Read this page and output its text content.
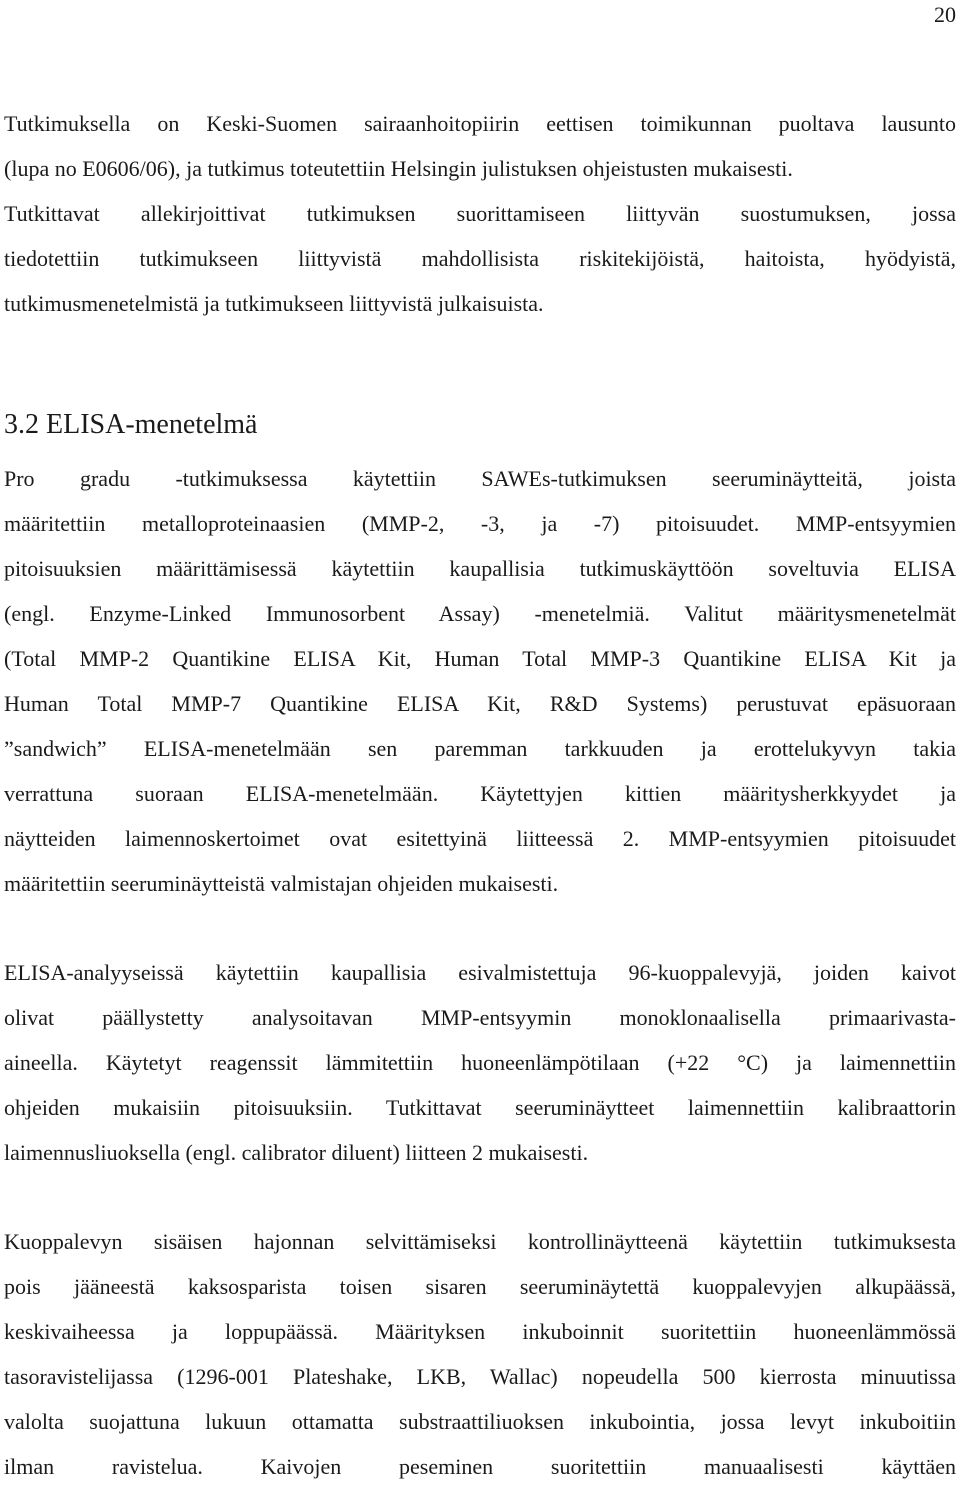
20
Tutkimuksella on Keski-Suomen sairaanhoitopiirin eettisen toimikunnan puoltava lausunto
(lupa no E0606/06), ja tutkimus toteutettiin Helsingin julistuksen ohjeistusten mukaisesti.
Tutkittavat allekirjoittivat tutkimuksen suorittamiseen liittyvän suostumuksen, jossa
tiedotettiin tutkimukseen liittyvistä mahdollisista riskitekijöistä, haitoista, hyödyistä,
tutkimusmenetelmistä ja tutkimukseen liittyvistä julkaisuista.
3.2 ELISA-menetelmä
Pro gradu -tutkimuksessa käytettiin SAWEs-tutkimuksen seeruminäytteitä, joista
määritettiin metalloproteinaasien (MMP-2, -3, ja -7) pitoisuudet. MMP-entsyymien
pitoisuuksien määrittämisessä käytettiin kaupallisia tutkimuskäyttöön soveltuvia ELISA
(engl. Enzyme-Linked Immunosorbent Assay) -menetelmiä. Valitut määritysmenetelmät
(Total MMP-2 Quantikine ELISA Kit, Human Total MMP-3 Quantikine ELISA Kit ja
Human Total MMP-7 Quantikine ELISA Kit, R&D Systems) perustuvat epäsuoraan
”sandwich” ELISA-menetelmään sen paremman tarkkuuden ja erottelukyvyn takia
verrattuna suoraan ELISA-menetelmään. Käytettyjen kittien määritysherkkyydet ja
näytteiden laimennoskertoimet ovat esitettyinä liitteessä 2. MMP-entsyymien pitoisuudet
määritettiin seeruminäytteistä valmistajan ohjeiden mukaisesti.
ELISA-analyyseissä käytettiin kaupallisia esivalmistettuja 96-kuoppalevyjä, joiden kaivot
olivat päällystetty analysoitavan MMP-entsyymin monoklonaalisella primaarivasta-
aineella. Käytetyt reagenssit lämmitettiin huoneenlämpötilaan (+22 °C) ja laimennettiin
ohjeiden mukaisiin pitoisuuksiin. Tutkittavat seeruminäytteet laimennettiin kalibraattorin
laimennusliuoksella (engl. calibrator diluent) liitteen 2 mukaisesti.
Kuoppalevyn sisäisen hajonnan selvittämiseksi kontrollinäytteenä käytettiin tutkimuksesta
pois jääneestä kaksosparista toisen sisaren seeruminäytettä kuoppalevyjen alkupäässä,
keskivaiheessa ja loppupäässä. Määrityksen inkuboinnit suoritettiin huoneenlämmössä
tasoravistelijassa (1296-001 Plateshake, LKB, Wallac) nopeudella 500 kierrosta minuutissa
valolta suojattuna lukuun ottamatta substraattiliuoksen inkubointia, jossa levyt inkuboitiin
ilman ravistelua. Kaivojen peseminen suoritettiin manuaalisesti käyttäen
